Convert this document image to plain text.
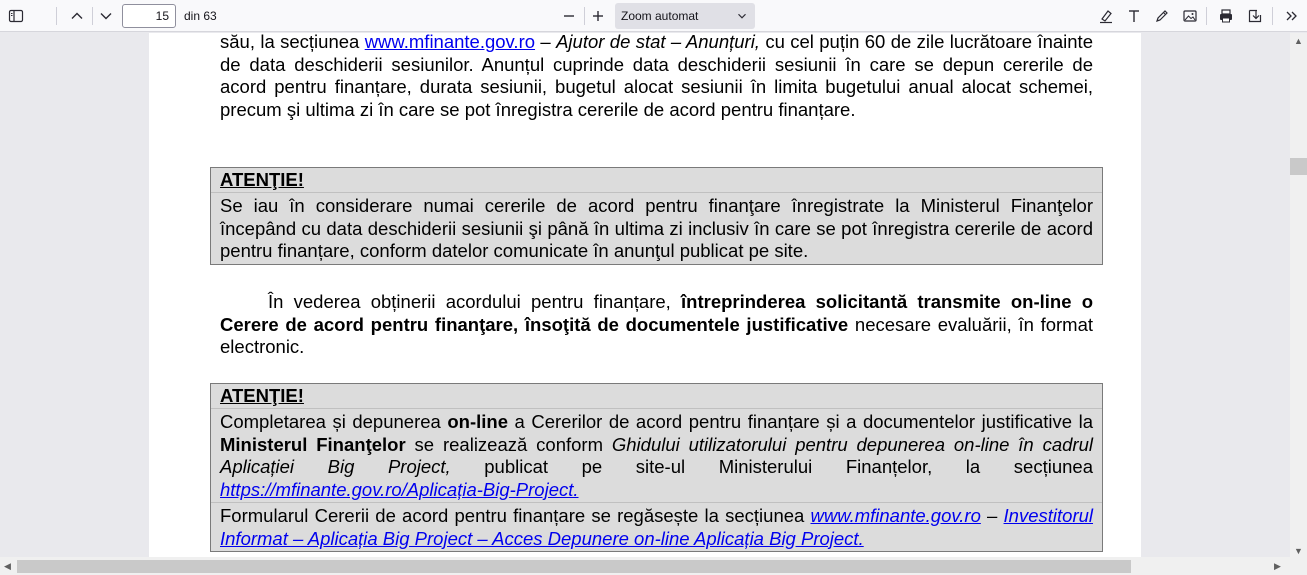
15
din 63	Zoom automat
său, la secțiunea www.mfinante.gov.ro – Ajutor de stat – Anunțuri, cu cel puțin 60 de zile lucrătoare înainte de data deschiderii sesiunilor. Anunțul cuprinde data deschiderii sesiunii în care se depun cererile de acord pentru finanțare, durata sesiunii, bugetul alocat sesiunii în limita bugetului anual alocat schemei, precum şi ultima zi în care se pot înregistra cererile de acord pentru finanțare.
ATENŢIE!
Se iau în considerare numai cererile de acord pentru finanţare înregistrate la Ministerul Finanţelor începând cu data deschiderii sesiunii şi până în ultima zi inclusiv în care se pot înregistra cererile de acord pentru finanțare, conform datelor comunicate în anunţul publicat pe site.
În vederea obținerii acordului pentru finanțare, întreprinderea solicitantă transmite on-line o Cerere de acord pentru finanţare, însoţită de documentele justificative necesare evaluării, în format electronic.
ATENŢIE!
Completarea și depunerea on-line a Cererilor de acord pentru finanțare și a documentelor justificative la Ministerul Finanţelor se realizează conform Ghidului utilizatorului pentru depunerea on-line în cadrul Aplicației Big Project, publicat pe site-ul Ministerului Finanțelor, la secțiunea https://mfinante.gov.ro/Aplicația-Big-Project.
Formularul Cererii de acord pentru finanțare se regăsește la secțiunea www.mfinante.gov.ro – Investitorul Informat – Aplicația Big Project – Acces Depunere on-line Aplicația Big Project.
▲
▼
◀	▶
